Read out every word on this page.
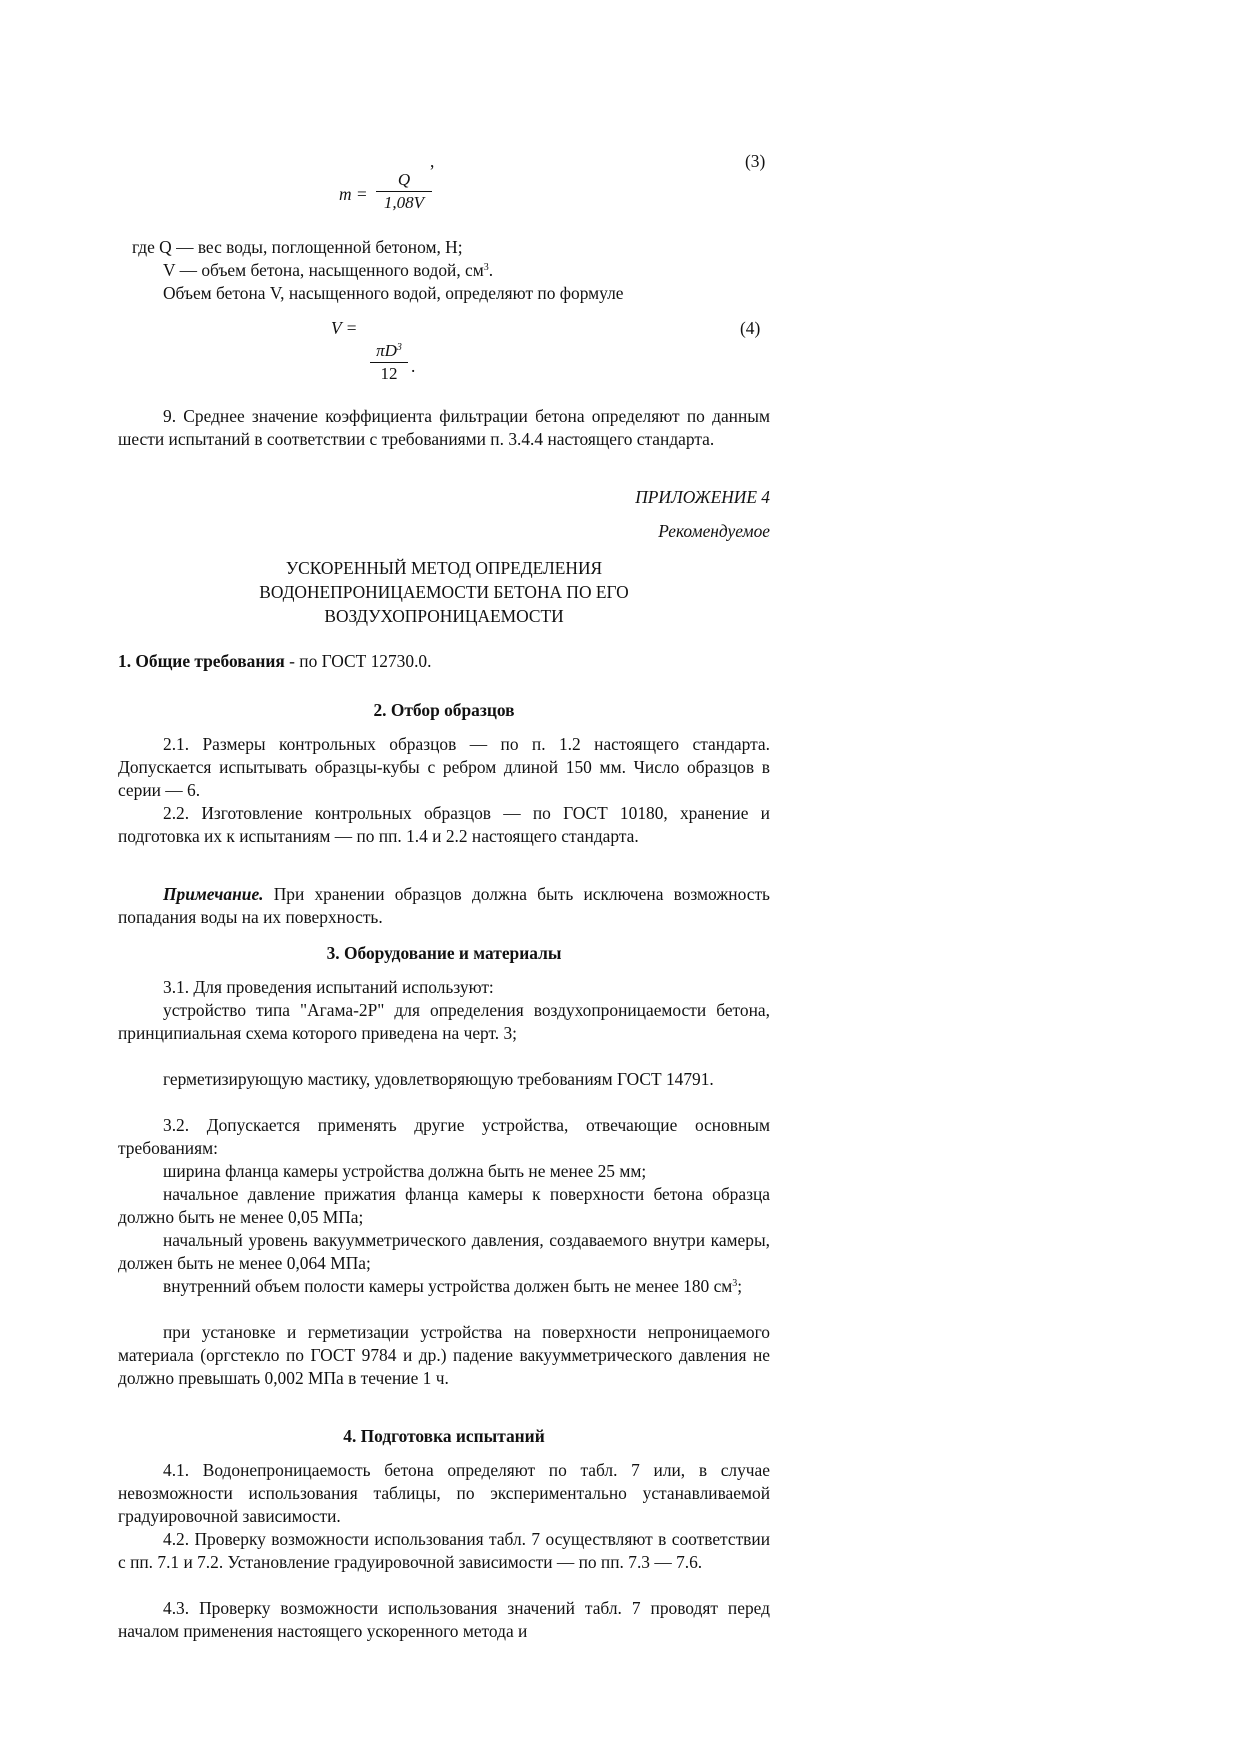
,	(3)
m =
Q
1,08V

где Q — вес воды, поглощенной бетоном, Н;

V — объем бетона, насыщенного водой, $см^3$.

Объем бетона V, насыщенного водой, определяют по формуле

V =	(4)
$\pi D^3$
12 .

9. Среднее значение коэффициента фильтрации бетона определяют по данным шести испытаний в соответствии с требованиями п. 3.4.4 настоящего стандарта.

ПРИЛОЖЕНИЕ 4

Рекомендуемое

УСКОРЕННЫЙ МЕТОД ОПРЕДЕЛЕНИЯ
ВОДОНЕПРОНИЦАЕМОСТИ БЕТОНА ПО ЕГО
ВОЗДУХОПРОНИЦАЕМОСТИ

1. Общие требования - по ГОСТ 12730.0.

2. Отбор образцов

2.1. Размеры контрольных образцов — по п. 1.2 настоящего стандарта. Допускается испытывать образцы-кубы с ребром длиной 150 мм. Число образцов в серии — 6.

2.2. Изготовление контрольных образцов — по ГОСТ 10180, хранение и подготовка их к испытаниям — по пп. 1.4 и 2.2 настоящего стандарта.

Примечание. При хранении образцов должна быть исключена возможность попадания воды на их поверхность.

3. Оборудование и материалы

3.1. Для проведения испытаний используют:

устройство типа "Агама-2Р" для определения воздухопроницаемости бетона, принципиальная схема которого приведена на черт. 3;

герметизирующую мастику, удовлетворяющую требованиям ГОСТ 14791.

3.2. Допускается применять другие устройства, отвечающие основным требованиям:

ширина фланца камеры устройства должна быть не менее 25 мм;

начальное давление прижатия фланца камеры к поверхности бетона образца должно быть не менее 0,05 МПа;

начальный уровень вакуумметрического давления, создаваемого внутри камеры, должен быть не менее 0,064 МПа;

внутренний объем полости камеры устройства должен быть не менее 180 $см^3$;

при установке и герметизации устройства на поверхности непроницаемого материала (оргстекло по ГОСТ 9784 и др.) падение вакуумметрического давления не должно превышать 0,002 МПа в течение 1 ч.

4. Подготовка испытаний

4.1. Водонепроницаемость бетона определяют по табл. 7 или, в случае невозможности использования таблицы, по экспериментально устанавливаемой градуировочной зависимости.

4.2. Проверку возможности использования табл. 7 осуществляют в соответствии с пп. 7.1 и 7.2. Установление градуировочной зависимости — по пп. 7.3 — 7.6.

4.3. Проверку возможности использования значений табл. 7 проводят перед началом применения настоящего ускоренного метода и
